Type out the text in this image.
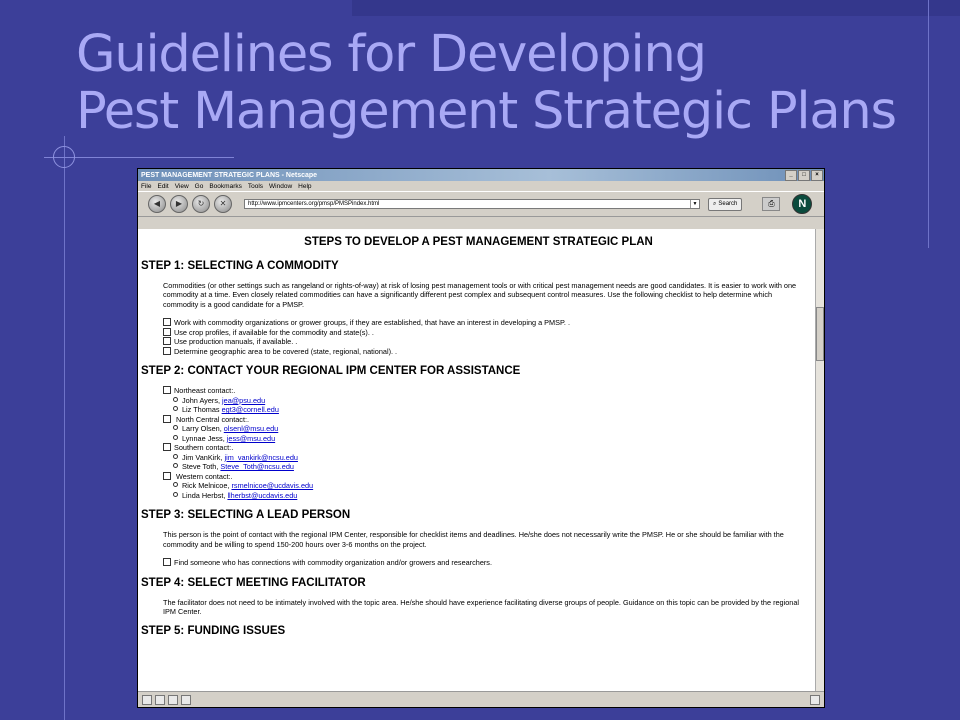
Guidelines for Developing
Pest Management Strategic Plans
PEST MANAGEMENT STRATEGIC PLANS - Netscape	_	□	×
File Edit View Go Bookmarks Tools Window Help
◀	▶	↻	✕	http://www.ipmcenters.org/pmsp/PMSPindex.html	▼	⌕ Search	⎙	N
STEPS TO DEVELOP A PEST MANAGEMENT STRATEGIC PLAN
STEP 1: SELECTING A COMMODITY
Commodities (or other settings such as rangeland or rights-of-way) at risk of losing pest management tools or with critical pest management needs are good candidates. It is easier to work with one commodity at a time. Even closely related commodities can have a significantly different pest complex and subsequent control measures. Use the following checklist to help determine which commodity is a good candidate for a PMSP.
Work with commodity organizations or grower groups, if they are established, that have an interest in developing a PMSP. .
Use crop profiles, if available for the commodity and state(s). .
Use production manuals, if available. .
Determine geographic area to be covered (state, regional, national). .
STEP 2: CONTACT YOUR REGIONAL IPM CENTER FOR ASSISTANCE
Northeast contact:.
John Ayers, jea@psu.edu
Liz Thomas egt3@cornell.edu
North Central contact:.
Larry Olsen, olsenl@msu.edu
Lynnae Jess, jess@msu.edu
Southern contact:.
Jim VanKirk, jim_vankirk@ncsu.edu
Steve Toth, Steve_Toth@ncsu.edu
Western contact:.
Rick Melnicoe, rsmelnicoe@ucdavis.edu
Linda Herbst, llherbst@ucdavis.edu
STEP 3: SELECTING A LEAD PERSON
This person is the point of contact with the regional IPM Center, responsible for checklist items and deadlines. He/she does not necessarily write the PMSP. He or she should be familiar with the commodity and be willing to spend 150-200 hours over 3-6 months on the project.
Find someone who has connections with commodity organization and/or growers and researchers.
STEP 4: SELECT MEETING FACILITATOR
The facilitator does not need to be intimately involved with the topic area. He/she should have experience facilitating diverse groups of people. Guidance on this topic can be provided by the regional IPM Center.
STEP 5: FUNDING ISSUES
